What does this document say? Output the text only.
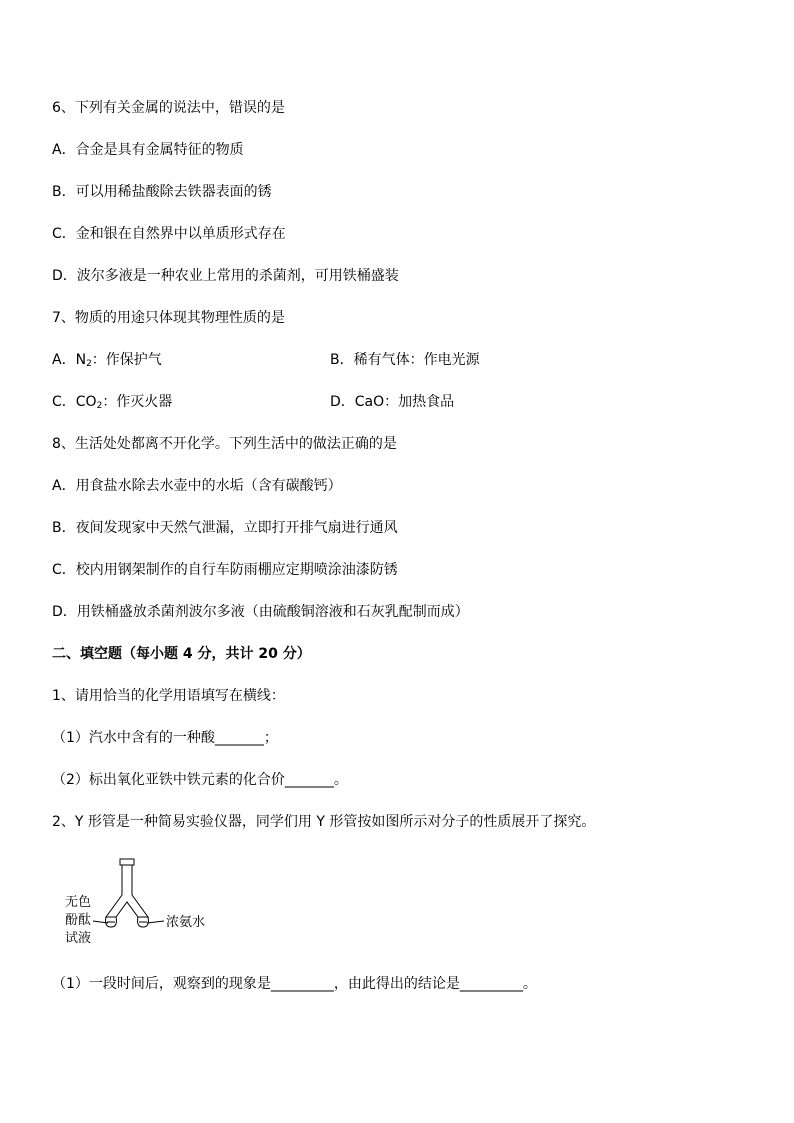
6、下列有关金属的说法中，错误的是
A．合金是具有金属特征的物质
B．可以用稀盐酸除去铁器表面的锈
C．金和银在自然界中以单质形式存在
D．波尔多液是一种农业上常用的杀菌剂，可用铁桶盛装
7、物质的用途只体现其物理性质的是
A．$N_2$：作保护气	B．稀有气体：作电光源
C．$CO_2$：作灭火器	D．CaO：加热食品
8、生活处处都离不开化学。下列生活中的做法正确的是
A．用食盐水除去水壶中的水垢（含有碳酸钙）
B．夜间发现家中天然气泄漏，立即打开排气扇进行通风
C．校内用钢架制作的自行车防雨棚应定期喷涂油漆防锈
D．用铁桶盛放杀菌剂波尔多液（由硫酸铜溶液和石灰乳配制而成）
二、填空题（每小题 4 分，共计 20 分）
1、请用恰当的化学用语填写在横线：
（1）汽水中含有的一种酸_______；
（2）标出氧化亚铁中铁元素的化合价_______。
2、Y 形管是一种简易实验仪器，同学们用 Y 形管按如图所示对分子的性质展开了探究。
无色
酚酞
试液
浓氨水
（1）一段时间后，观察到的现象是_________，由此得出的结论是_________。
